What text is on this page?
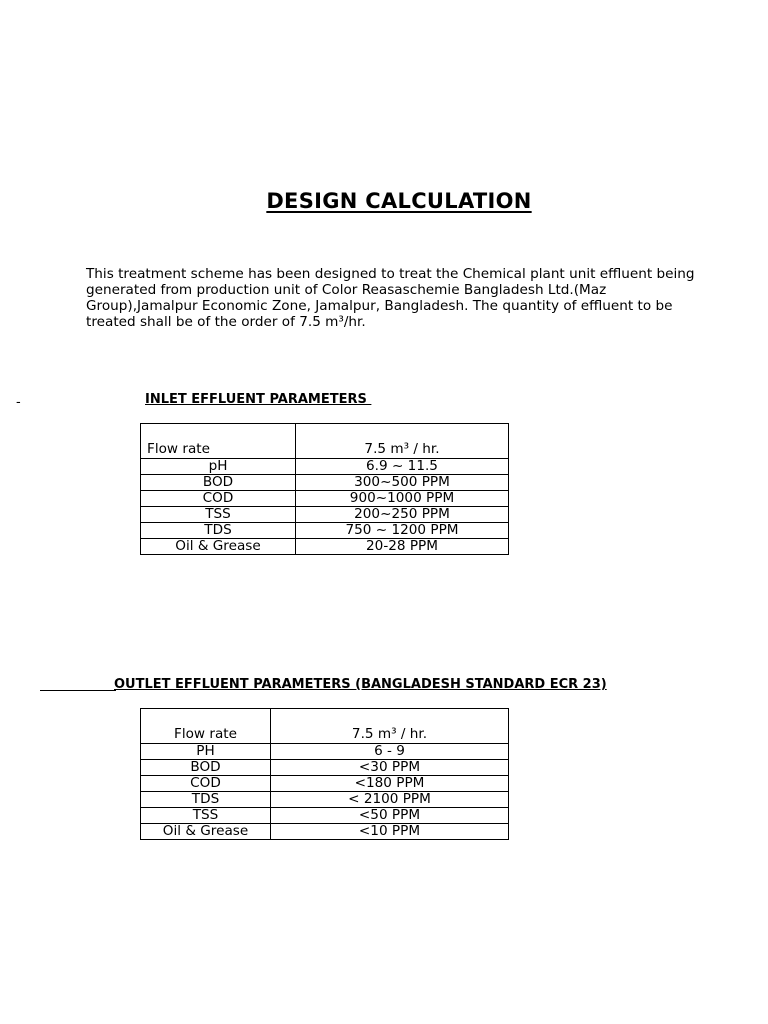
DESIGN CALCULATION

This treatment scheme has been designed to treat the Chemical plant unit effluent being generated from production unit of Color Reasaschemie Bangladesh Ltd.(Maz Group),Jamalpur Economic Zone, Jamalpur, Bangladesh. The quantity of effluent to be treated shall be of the order of 7.5 m³/hr.

-	INLET EFFLUENT PARAMETERS
Flow rate	7.5 m³ / hr.
pH	6.9 ~ 11.5
BOD	300~500 PPM
COD	900~1000 PPM
TSS	200~250 PPM
TDS	750 ~ 1200 PPM
Oil & Grease	20-28 PPM
OUTLET EFFLUENT PARAMETERS (BANGLADESH STANDARD ECR 23)
Flow rate	7.5 m³ / hr.
PH	6 - 9
BOD	<30 PPM
COD	<180 PPM
TDS	< 2100 PPM
TSS	<50 PPM
Oil & Grease	<10 PPM
